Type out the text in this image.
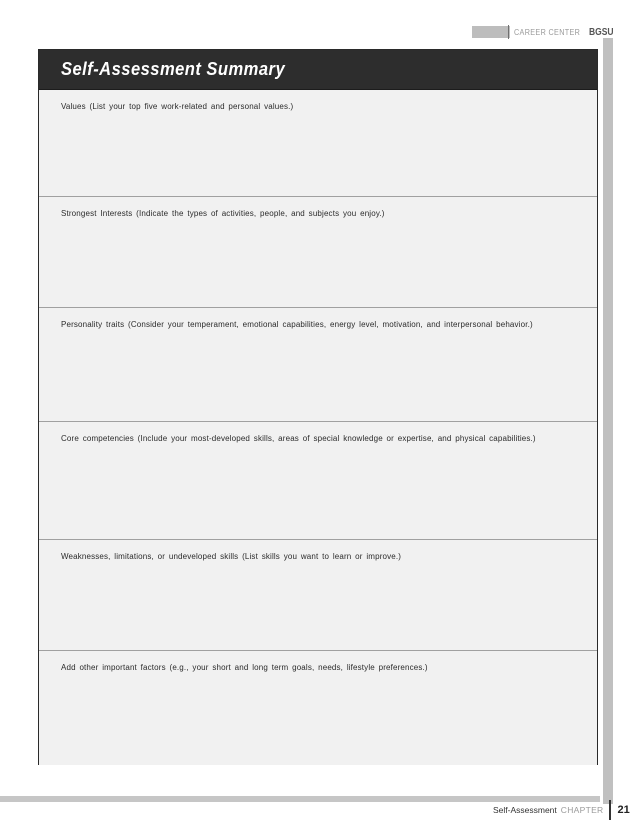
CAREER CENTER BGSU
Self-Assessment Summary
Values (List your top five work-related and personal values.)
Strongest Interests (Indicate the types of activities, people, and subjects you enjoy.)
Personality traits (Consider your temperament, emotional capabilities, energy level, motivation, and interpersonal behavior.)
Core competencies (Include your most-developed skills, areas of special knowledge or expertise, and physical capabilities.)
Weaknesses, limitations, or undeveloped skills (List skills you want to learn or improve.)
Add other important factors (e.g., your short and long term goals, needs, lifestyle preferences.)
Self-Assessment CHAPTER 21
